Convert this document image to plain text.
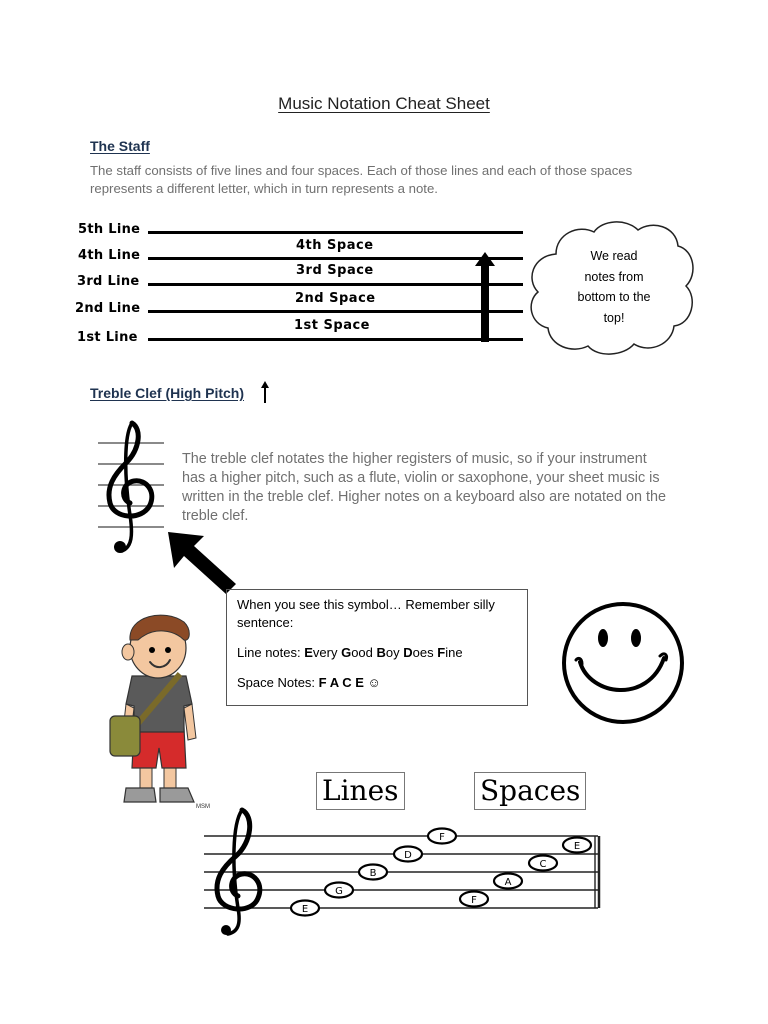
Music Notation Cheat Sheet
The Staff
The staff consists of five lines and four spaces. Each of those lines and each of those spaces represents a different letter, which in turn represents a note.
5th Line
4th Line
3rd Line
2nd Line
1st Line
4th Space
3rd Space
2nd Space
1st Space
We read
notes from
bottom to the
top!
Treble Clef (High Pitch)
The treble clef notates the higher registers of music, so if your instrument has a higher pitch, such as a flute, violin or saxophone, your sheet music is written in the treble clef. Higher notes on a keyboard also are notated on the treble clef.

When you see this symbol… Remember silly sentence:

Line notes: Every Good Boy Does Fine

Space Notes: F A C E ☺

MSM	Lines	Spaces
E
G
B
D
F
F
A
C
E
